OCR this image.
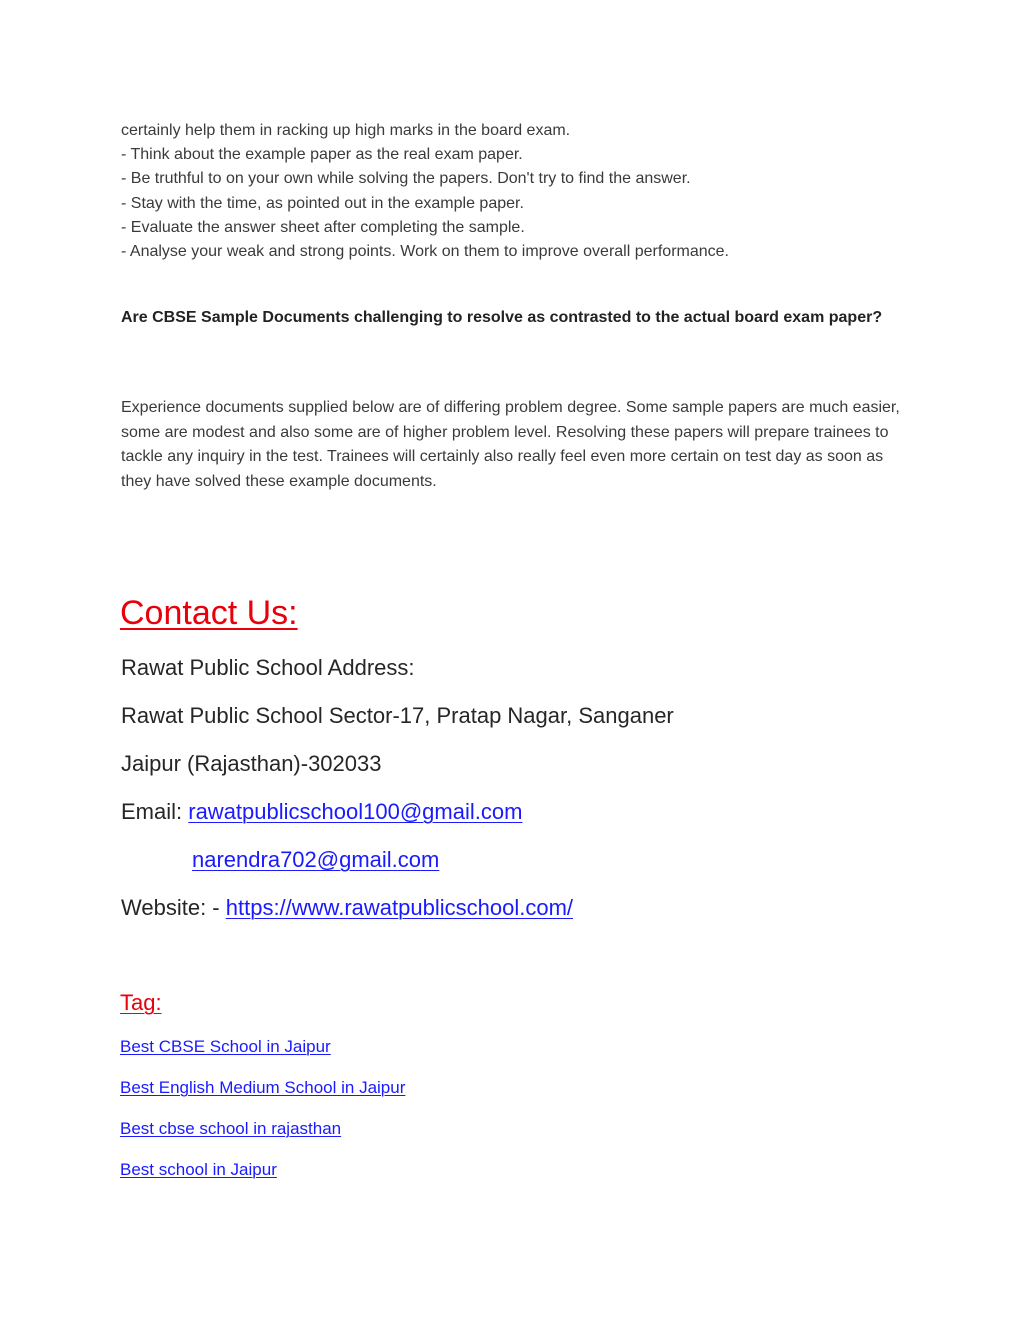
certainly help them in racking up high marks in the board exam.

- Think about the example paper as the real exam paper.

- Be truthful to on your own while solving the papers. Don't try to find the answer.

- Stay with the time, as pointed out in the example paper.

- Evaluate the answer sheet after completing the sample.

- Analyse your weak and strong points. Work on them to improve overall performance.

Are CBSE Sample Documents challenging to resolve as contrasted to the actual board exam paper?

Experience documents supplied below are of differing problem degree. Some sample papers are much easier, some are modest and also some are of higher problem level. Resolving these papers will prepare trainees to tackle any inquiry in the test. Trainees will certainly also really feel even more certain on test day as soon as they have solved these example documents.

Contact Us:

Rawat Public School Address:

Rawat Public School Sector-17, Pratap Nagar, Sanganer

Jaipur (Rajasthan)-302033

Email: rawatpublicschool100@gmail.com

narendra702@gmail.com

Website: - https://www.rawatpublicschool.com/

Tag:
Best CBSE School in Jaipur
Best English Medium School in Jaipur
Best cbse school in rajasthan
Best school in Jaipur
